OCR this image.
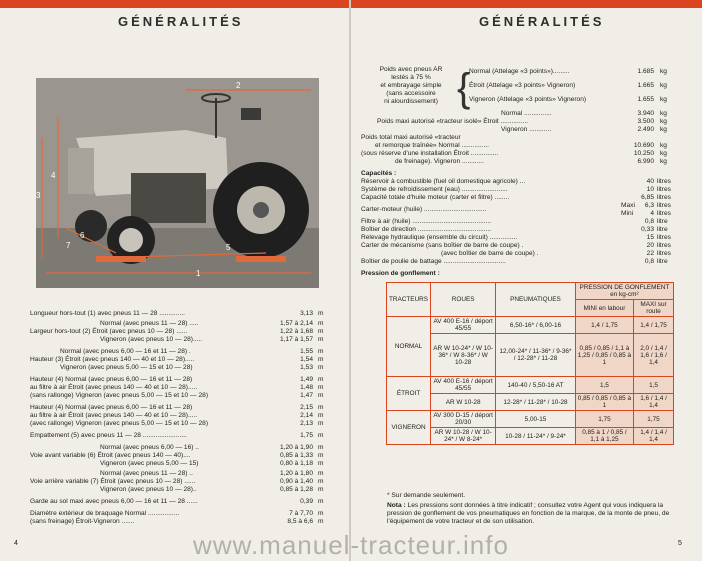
GÉNÉRALITÉS
1
2
3
4
5
6
7
Longueur hors-tout (1) avec pneus 11 — 28 ..............	3,13 m
Normal (avec pneus 11 — 28) .....	1,57 à 2,14 m
Largeur hors-tout (2) Étroit (avec pneus 10 — 28) ......	1,22 à 1,68 m
Vigneron (avec pneus 10 — 28).....	1,17 à 1,57 m
Normal (avec pneus 6,00 — 16 et 11 — 28) .	1,55 m
Hauteur (3) Étroit (avec pneus 140 — 40 et 10 — 28).....	1,54 m
Vigneron (avec pneus 5,00 — 15 et 10 — 28)	1,53 m
Hauteur (4) Normal (avec pneus 6,00 — 16 et 11 — 28)	1,49 m
au filtre à air Étroit (avec pneus 140 — 40 et 10 — 28).....	1,48 m
(sans rallonge) Vigneron (avec pneus 5,00 — 15 et 10 — 28)	1,47 m
Hauteur (4) Normal (avec pneus 6,00 — 16 et 11 — 28)	2,15 m
au filtre à air Étroit (avec pneus 140 — 40 et 10 — 28).....	2,14 m
(avec rallonge) Vigneron (avec pneus 5,00 — 15 et 10 — 28)	2,13 m
Empattement (5) avec pneus 11 — 28 ........................	1,75 m
Normal (avec pneus 6,00 — 16) ..	1,20 à 1,90 m
Voie avant variable (6) Étroit (avec pneus 140 — 40)....	0,85 à 1,33 m
Vigneron (avec pneus 5,00 — 15)	0,80 à 1,18 m
Normal (avec pneus 11 — 28) ..	1,20 à 1,80 m
Voie arrière variable (7) Étroit (avec pneus 10 — 28) ......	0,90 à 1,40 m
Vigneron (avec pneus 10 — 28)..	0,85 à 1,28 m
Garde au sol maxi avec pneus 6,00 — 16 et 11 — 28 ......	0,39 m
Diamètre extérieur de braquage Normal .................	7 à 7,70 m
(sans freinage) Étroit-Vigneron .......	8,5 à 6,6 m
4
GÉNÉRALITÉS
Poids avec pneus AR
lestés à 75 %
et embrayage simple
(sans accessoire
ni alourdissement) {
Normal (Attelage «3 points»).........	1.685 kg
Étroit (Attelage «3 points» Vigneron)	1.665 kg
Vigneron (Attelage «3 points» Vigneron)	1.655 kg
Normal ...............	3.940 kg
Poids maxi autorisé «tracteur isolé» Étroit ...............	3.500 kg
Vigneron ............	2.490 kg
Poids total maxi autorisé «tracteur
et remorque traînée» Normal ...............	10.690 kg
(sous réserve d'une installation Étroit ...............	10.250 kg
de freinage). Vigneron ............	6.990 kg
Capacités :
Réservoir à combustible (fuel oil domestique agricole) ...	40 litres
Système de refroidissement (eau) .........................	10 litres
Capacité totale d'huile moteur (carter et filtre) ........	6,85 litres
Maxi 6,3 litres
Carter-moteur (huile) ..................................
Mini	4 litres
Filtre à air (huile) ...........................................	0,8 litre
Boîtier de direction ........................................	0,33 litre
Relevage hydraulique (ensemble du circuit) ...............	15 litres
Carter de mécanisme (sans boîtier de barre de coupe) .	20 litres
(avec boîtier de barre de coupe) .	22 litres
Boîtier de poulie de battage ..................................	0,8 litre
Pression de gonflement :
* Sur demande seulement.
Nota : Les pressions sont données à titre indicatif ; consultez votre Agent qui vous indiquera la pression de gonflement de vos pneumatiques en fonction de la marque, de la monte de pneu, de l'équipement de votre tracteur et de son utilisation.
5
TRACTEURS	ROUES	PNEUMATIQUES	PRESSION DE GONFLEMENT en kg-cm²	
			MINI en labour	MAXI sur route
NORMAL	AV 400 E-16 / déport 45/55	6,50-16* / 6,00-16	1,4 / 1,75	1,4 / 1,75
	AR W 10-24* / W 10-36* / W 8-36* / W 10-28	12,00-24* / 11-36* / 9-36* / 12-28* / 11-28	0,85 / 0,85 / 1,1 à 1,25 / 0,85 / 0,85 à 1	2,0 / 1,4 / 1,6 / 1,6 / 1,4
ÉTROIT	AV 400 E-16 / déport 45/55	140-40 / 5,50-16 AT	1,5	1,5
	AR W 10-28	12-28* / 11-28* / 10-28	0,85 / 0,85 / 0,85 à 1	1,6 / 1,4 / 1,4
VIGNERON	AV 300 D-15 / déport 20/30	5,00-15	1,75	1,75
	AR W 10-28 / W 10-24* / W 8-24*	10-28 / 11-24* / 9-24*	0,85 à 1 / 0,85 / 1,1 à 1,25	1,4 / 1,4 / 1,4
www.manuel-tracteur.info
